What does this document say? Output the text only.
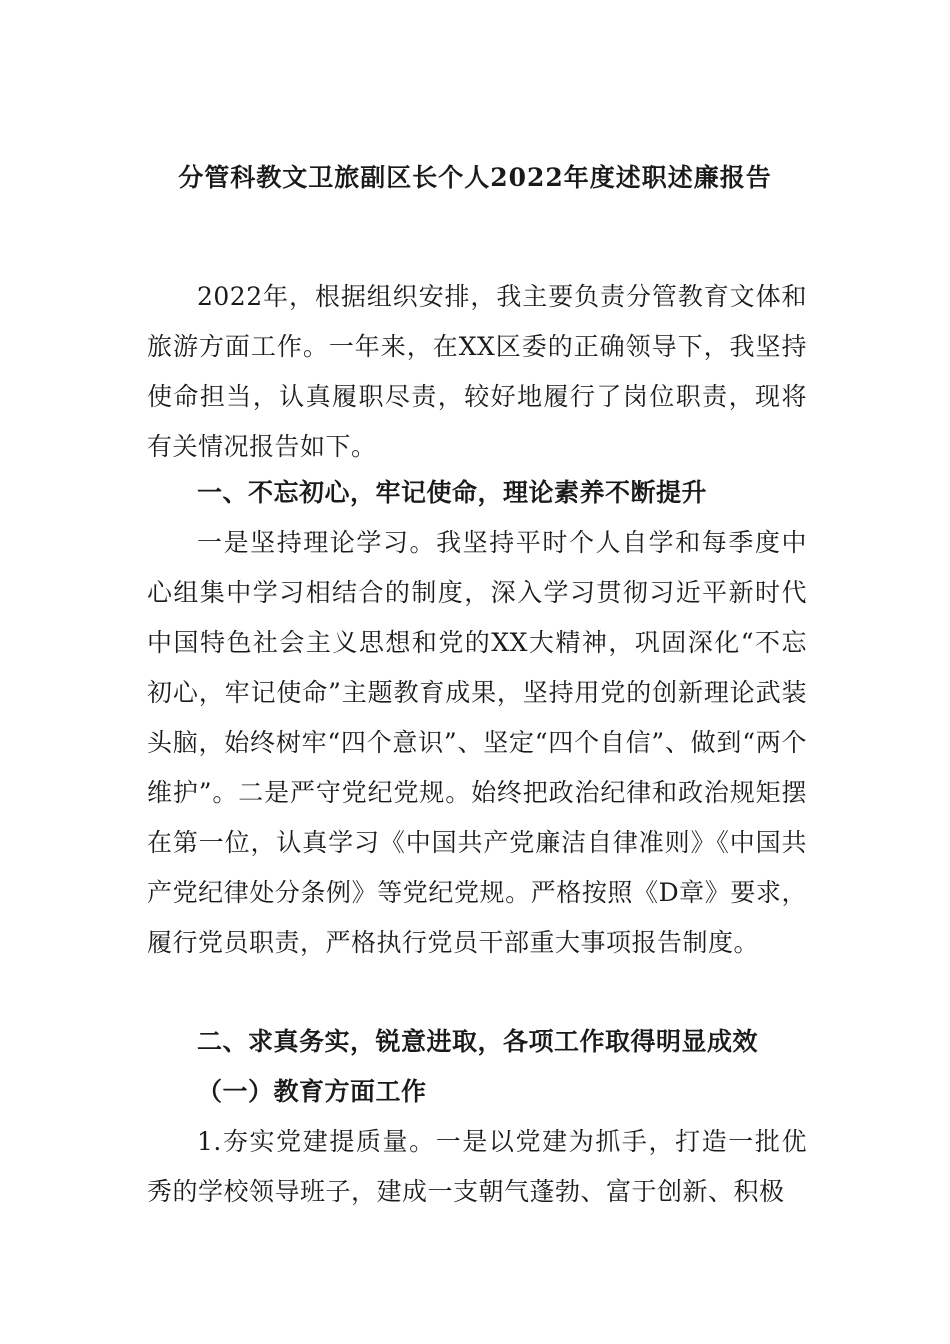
分管科教文卫旅副区长个人2022年度述职述廉报告

2022年，根据组织安排，我主要负责分管教育文体和旅游方面工作。一年来，在XX区委的正确领导下，我坚持使命担当，认真履职尽责，较好地履行了岗位职责，现将有关情况报告如下。

一、不忘初心，牢记使命，理论素养不断提升

一是坚持理论学习。我坚持平时个人自学和每季度中心组集中学习相结合的制度，深入学习贯彻习近平新时代中国特色社会主义思想和党的XX大精神，巩固深化“不忘初心，牢记使命”主题教育成果，坚持用党的创新理论武装头脑，始终树牢“四个意识”、坚定“四个自信”、做到“两个维护”。二是严守党纪党规。始终把政治纪律和政治规矩摆在第一位，认真学习《中国共产党廉洁自律准则》《中国共产党纪律处分条例》等党纪党规。严格按照《D章》要求，履行党员职责，严格执行党员干部重大事项报告制度。

二、求真务实，锐意进取，各项工作取得明显成效

（一）教育方面工作

1.夯实党建提质量。一是以党建为抓手，打造一批优秀的学校领导班子，建成一支朝气蓬勃、富于创新、积极
